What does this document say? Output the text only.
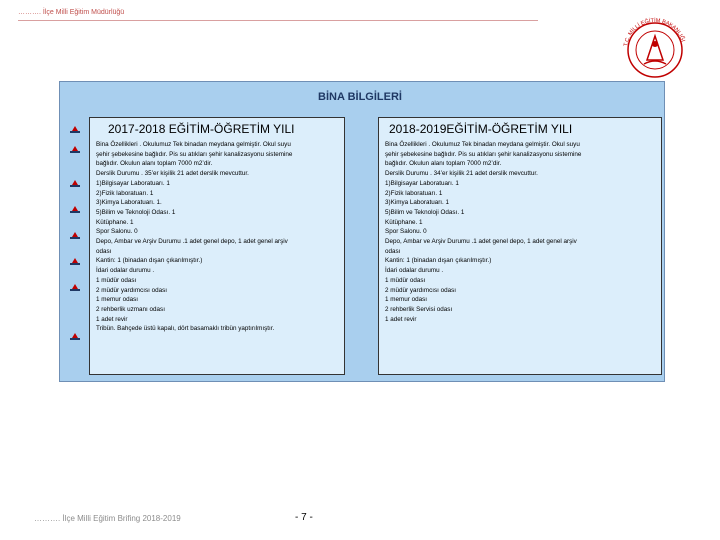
………. İlçe Milli Eğitim Müdürlüğü
T.C. MİLLİ EĞİTİM BAKANLIĞI
BİNA BİLGİLERİ
2017-2018 EĞİTİM-ÖĞRETİM YILI
Bina Özellikleri . Okulumuz Tek binadan meydana gelmiştir. Okul suyu
şehir şebekesine bağlıdır. Pis su atıkları şehir kanalizasyonu sistemine
bağlıdır. Okulun alanı toplam 7000 m2’dir.
Derslik Durumu . 35’er kişilik 21 adet derslik mevcuttur.
1)Bilgisayar Laboratuarı. 1
2)Fizik laboratuarı. 1
3)Kimya Laboratuarı. 1.
5)Bilim ve Teknoloji Odası. 1
Kütüphane. 1
Spor Salonu. 0
Depo, Ambar ve Arşiv Durumu .1 adet genel depo, 1 adet genel arşiv
odası
Kantin: 1 (binadan dışarı çıkarılmıştır.)
İdari odalar durumu .
1 müdür odası
2 müdür yardımcısı odası
1 memur odası
2 rehberlik uzmanı odası
1 adet revir
Tribün. Bahçede üstü kapalı, dört basamaklı tribün yaptırılmıştır.
2018-2019EĞİTİM-ÖĞRETİM YILI
Bina Özellikleri . Okulumuz Tek binadan meydana gelmiştir. Okul suyu
şehir şebekesine bağlıdır. Pis su atıkları şehir kanalizasyonu sistemine
bağlıdır. Okulun alanı toplam 7000 m2’dir.
Derslik Durumu . 34’er kişilik 21 adet derslik mevcuttur.
1)Bilgisayar Laboratuarı. 1
2)Fizik laboratuarı. 1
3)Kimya Laboratuarı. 1
5)Bilim ve Teknoloji Odası. 1
Kütüphane. 1
Spor Salonu. 0
Depo, Ambar ve Arşiv Durumu .1 adet genel depo, 1 adet genel arşiv
odası
Kantin: 1 (binadan dışarı çıkarılmıştır.)
İdari odalar durumu .
1 müdür odası
2 müdür yardımcısı odası
1 memur odası
2 rehberlik Servisi odası
1 adet revir
………. İlçe Milli Eğitim Brifing 2018-2019	- 7 -
